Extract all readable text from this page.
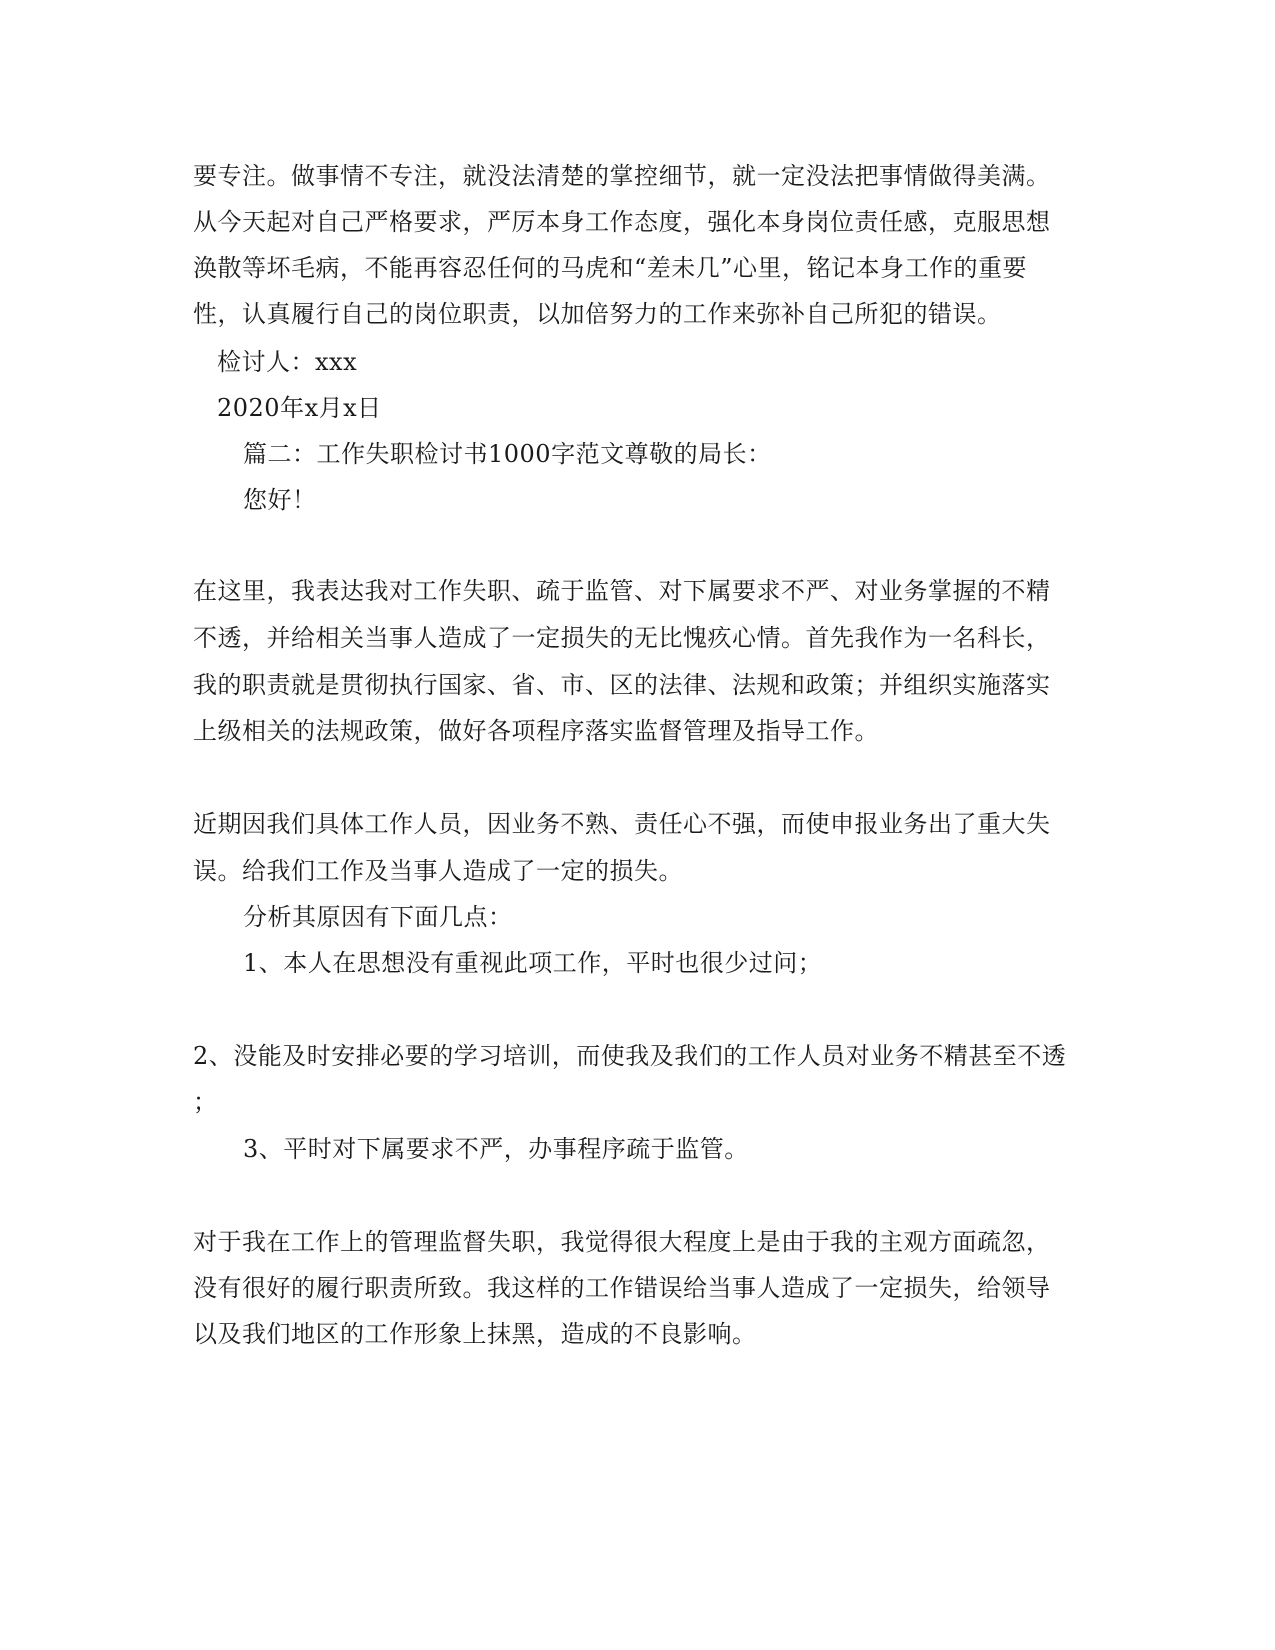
要专注。做事情不专注，就没法清楚的掌控细节，就一定没法把事情做得美满。
从今天起对自己严格要求，严厉本身工作态度，强化本身岗位责任感，克服思想
涣散等坏毛病，不能再容忍任何的马虎和“差未几”心里，铭记本身工作的重要
性，认真履行自己的岗位职责，以加倍努力的工作来弥补自己所犯的错误。
检讨人：xxx
2020年x月x日
篇二：工作失职检讨书1000字范文尊敬的局长：
您好！
在这里，我表达我对工作失职、疏于监管、对下属要求不严、对业务掌握的不精
不透，并给相关当事人造成了一定损失的无比愧疚心情。首先我作为一名科长，
我的职责就是贯彻执行国家、省、市、区的法律、法规和政策；并组织实施落实
上级相关的法规政策，做好各项程序落实监督管理及指导工作。
近期因我们具体工作人员，因业务不熟、责任心不强，而使申报业务出了重大失
误。给我们工作及当事人造成了一定的损失。
分析其原因有下面几点：
1、本人在思想没有重视此项工作，平时也很少过问；
2、没能及时安排必要的学习培训，而使我及我们的工作人员对业务不精甚至不透
；
3、平时对下属要求不严，办事程序疏于监管。
对于我在工作上的管理监督失职，我觉得很大程度上是由于我的主观方面疏忽，
没有很好的履行职责所致。我这样的工作错误给当事人造成了一定损失，给领导
以及我们地区的工作形象上抹黑，造成的不良影响。
